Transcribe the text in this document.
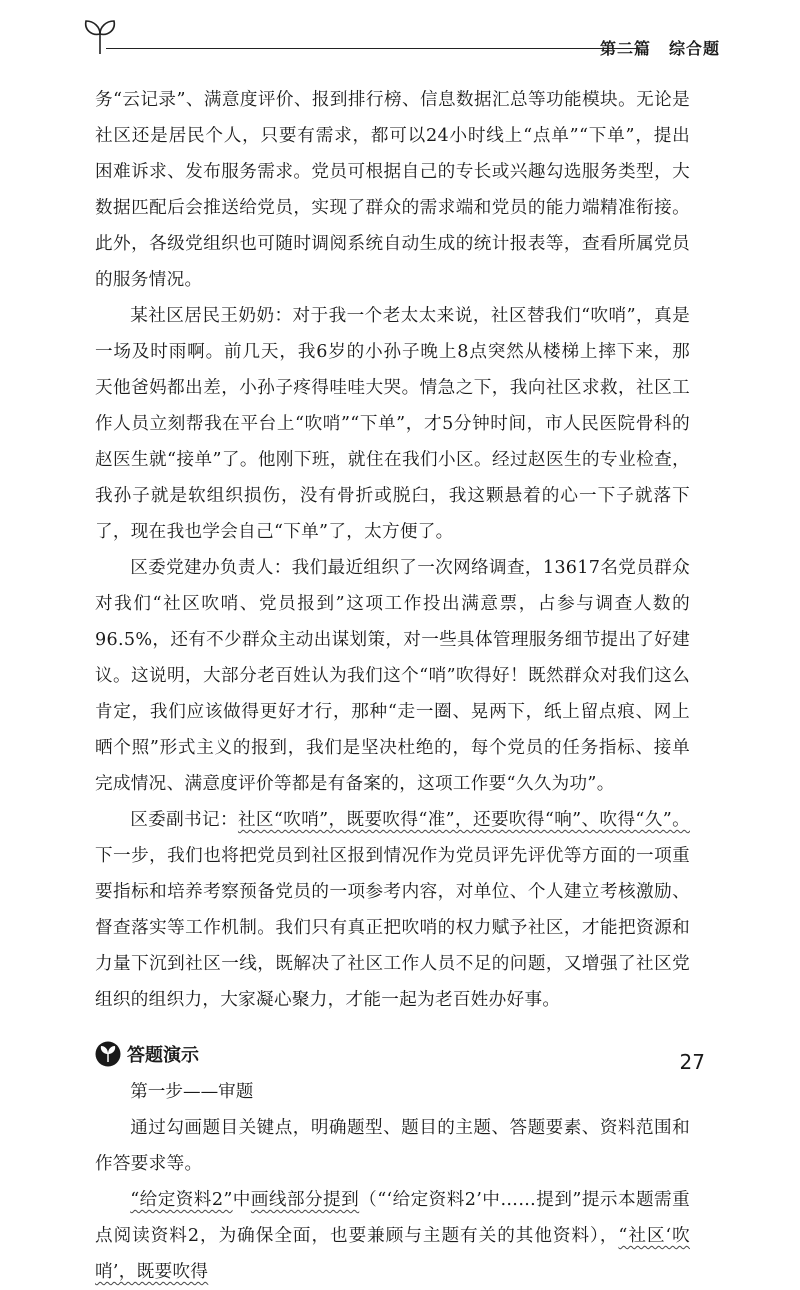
第二篇 综合题

务“云记录”、满意度评价、报到排行榜、信息数据汇总等功能模块。无论是社区还是居民个人，只要有需求，都可以24小时线上“点单”“下单”，提出困难诉求、发布服务需求。党员可根据自己的专长或兴趣勾选服务类型，大数据匹配后会推送给党员，实现了群众的需求端和党员的能力端精准衔接。此外，各级党组织也可随时调阅系统自动生成的统计报表等，查看所属党员的服务情况。

某社区居民王奶奶：对于我一个老太太来说，社区替我们“吹哨”，真是一场及时雨啊。前几天，我6岁的小孙子晚上8点突然从楼梯上摔下来，那天他爸妈都出差，小孙子疼得哇哇大哭。情急之下，我向社区求救，社区工作人员立刻帮我在平台上“吹哨”“下单”，才5分钟时间，市人民医院骨科的赵医生就“接单”了。他刚下班，就住在我们小区。经过赵医生的专业检查，我孙子就是软组织损伤，没有骨折或脱臼，我这颗悬着的心一下子就落下了，现在我也学会自己“下单”了，太方便了。

区委党建办负责人：我们最近组织了一次网络调查，13617名党员群众对我们“社区吹哨、党员报到”这项工作投出满意票，占参与调查人数的96.5%，还有不少群众主动出谋划策，对一些具体管理服务细节提出了好建议。这说明，大部分老百姓认为我们这个“哨”吹得好！既然群众对我们这么肯定，我们应该做得更好才行，那种“走一圈、晃两下，纸上留点痕、网上晒个照”形式主义的报到，我们是坚决杜绝的，每个党员的任务指标、接单完成情况、满意度评价等都是有备案的，这项工作要“久久为功”。

区委副书记：社区“吹哨”，既要吹得“准”，还要吹得“响”、吹得“久”。下一步，我们也将把党员到社区报到情况作为党员评先评优等方面的一项重要指标和培养考察预备党员的一项参考内容，对单位、个人建立考核激励、督查落实等工作机制。我们只有真正把吹哨的权力赋予社区，才能把资源和力量下沉到社区一线，既解决了社区工作人员不足的问题，又增强了社区党组织的组织力，大家凝心聚力，才能一起为老百姓办好事。

答题演示

第一步——审题

通过勾画题目关键点，明确题型、题目的主题、答题要素、资料范围和作答要求等。

“给定资料2”中画线部分提到（“‘给定资料2’中……提到”提示本题需重点阅读资料2，为确保全面，也要兼顾与主题有关的其他资料），“社区‘吹哨’，既要吹得

27
